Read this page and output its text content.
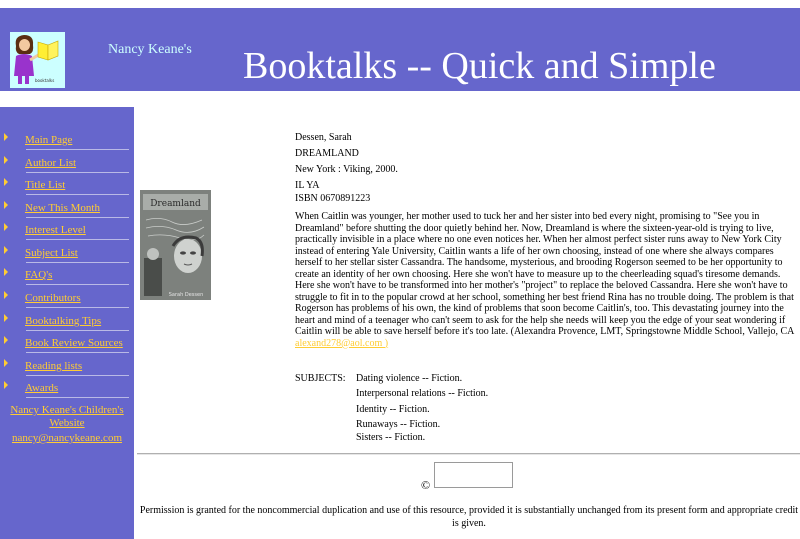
booktalks
Nancy Keane's Booktalks -- Quick and Simple
Main Page
Author List
Title List
New This Month
Interest Level
Subject List
FAQ's
Contributors
Booktalking Tips
Book Review Sources
Reading lists
Awards
Nancy Keane's Children's Website
nancy@nancykeane.com
Dreamland
Sarah Dessen
Dessen, Sarah
DREAMLAND
New York : Viking, 2000.
IL YA
ISBN 0670891223
When Caitlin was younger, her mother used to tuck her and her sister into bed every night, promising to "See you in Dreamland" before shutting the door quietly behind her. Now, Dreamland is where the sixteen-year-old is trying to live, practically invisible in a place where no one even notices her. When her almost perfect sister runs away to New York City instead of entering Yale University, Caitlin wants a life of her own choosing, instead of one where she always compares herself to her stellar sister Cassandra. The handsome, mysterious, and brooding Rogerson seemed to be her opportunity to create an identity of her own choosing. Here she won't have to measure up to the cheerleading squad's tiresome demands. Here she won't have to be transformed into her mother's "project" to replace the beloved Cassandra. Here she won't have to struggle to fit in to the popular crowd at her school, something her best friend Rina has no trouble doing. The problem is that Rogerson has problems of his own, the kind of problems that soon become Caitlin's, too. This devastating journey into the heart and mind of a teenager who can't seem to ask for the help she needs will keep you the edge of your seat wondering if Caitlin will be able to save herself before it's too late. (Alexandra Provence, LMT, Springstowne Middle School, Vallejo, CA alexand278@aol.com )
SUBJECTS: Dating violence -- Fiction.
Interpersonal relations -- Fiction.
Identity -- Fiction.
Runaways -- Fiction.
Sisters -- Fiction.
©
Permission is granted for the noncommercial duplication and use of this resource, provided it is substantially unchanged from its present form and appropriate credit is given.
